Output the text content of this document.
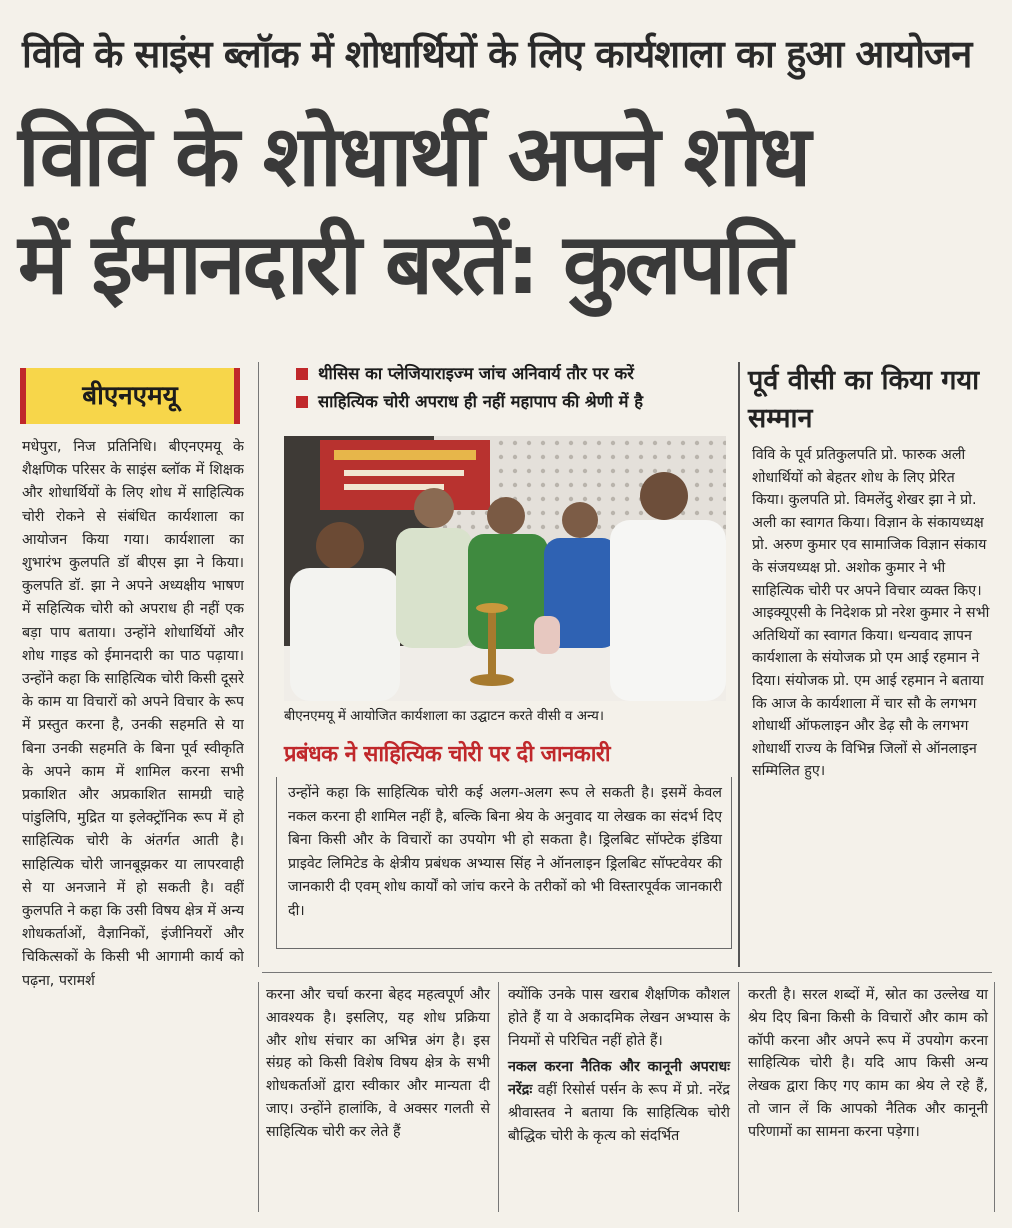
विवि के साइंस ब्लॉक में शोधार्थियों के लिए कार्यशाला का हुआ आयोजन
विवि के शोधार्थी अपने शोध
में ईमानदारी बरतें: कुलपति
बीएनएमयू

मधेपुरा, निज प्रतिनिधि। बीएनएमयू के शैक्षणिक परिसर के साइंस ब्लॉक में शिक्षक और शोधार्थियों के लिए शोध में साहित्यिक चोरी रोकने से संबंधित कार्यशाला का आयोजन किया गया। कार्यशाला का शुभारंभ कुलपति डॉ बीएस झा ने किया। कुलपति डॉ. झा ने अपने अध्यक्षीय भाषण में सहित्यिक चोरी को अपराध ही नहीं एक बड़ा पाप बताया। उन्होंने शोधार्थियों और शोध गाइड को ईमानदारी का पाठ पढ़ाया। उन्होंने कहा कि साहित्यिक चोरी किसी दूसरे के काम या विचारों को अपने विचार के रूप में प्रस्तुत करना है, उनकी सहमति से या बिना उनकी सहमति के बिना पूर्व स्वीकृति के अपने काम में शामिल करना सभी प्रकाशित और अप्रकाशित सामग्री चाहे पांडुलिपि, मुद्रित या इलेक्ट्रॉनिक रूप में हो साहित्यिक चोरी के अंतर्गत आती है। साहित्यिक चोरी जानबूझकर या लापरवाही से या अनजाने में हो सकती है। वहीं कुलपति ने कहा कि उसी विषय क्षेत्र में अन्य शोधकर्ताओं, वैज्ञानिकों, इंजीनियरों और चिकित्सकों के किसी भी आगामी कार्य को पढ़ना, परामर्श

थीसिस का प्लेजियाराइज्म जांच अनिवार्य तौर पर करें
साहित्यिक चोरी अपराध ही नहीं महापाप की श्रेणी में है
बीएनएमयू में आयोजित कार्यशाला का उद्घाटन करते वीसी व अन्य।
प्रबंधक ने साहित्यिक चोरी पर दी जानकारी

उन्होंने कहा कि साहित्यिक चोरी कई अलग-अलग रूप ले सकती है। इसमें केवल नकल करना ही शामिल नहीं है, बल्कि बिना श्रेय के अनुवाद या लेखक का संदर्भ दिए बिना किसी और के विचारों का उपयोग भी हो सकता है। ड्रिलबिट सॉफ्टेक इंडिया प्राइवेट लिमिटेड के क्षेत्रीय प्रबंधक अभ्यास सिंह ने ऑनलाइन ड्रिलबिट सॉफ्टवेयर की जानकारी दी एवम् शोध कार्यों को जांच करने के तरीकों को भी विस्तारपूर्वक जानकारी दी।

पूर्व वीसी का किया गया सम्मान

विवि के पूर्व प्रतिकुलपति प्रो. फारुक अली शोधार्थियों को बेहतर शोध के लिए प्रेरित किया। कुलपति प्रो. विमलेंदु शेखर झा ने प्रो. अली का स्वागत किया। विज्ञान के संकायध्यक्ष प्रो. अरुण कुमार एव सामाजिक विज्ञान संकाय के संजयध्यक्ष प्रो. अशोक कुमार ने भी साहित्यिक चोरी पर अपने विचार व्यक्त किए। आइक्यूएसी के निदेशक प्रो नरेश कुमार ने सभी अतिथियों का स्वागत किया। धन्यवाद ज्ञापन कार्यशाला के संयोजक प्रो एम आई रहमान ने दिया। संयोजक प्रो. एम आई रहमान ने बताया कि आज के कार्यशाला में चार सौ के लगभग शोधार्थी ऑफलाइन और डेढ़ सौ के लगभग शोधार्थी राज्य के विभिन्न जिलों से ऑनलाइन सम्मिलित हुए।

करना और चर्चा करना बेहद महत्वपूर्ण और आवश्यक है। इसलिए, यह शोध प्रक्रिया और शोध संचार का अभिन्न अंग है। इस संग्रह को किसी विशेष विषय क्षेत्र के सभी शोधकर्ताओं द्वारा स्वीकार और मान्यता दी जाए। उन्होंने हालांकि, वे अक्सर गलती से साहित्यिक चोरी कर लेते हैं

क्योंकि उनके पास खराब शैक्षणिक कौशल होते हैं या वे अकादमिक लेखन अभ्यास के नियमों से परिचित नहीं होते हैं।

नकल करना नैतिक और कानूनी अपराधः नरेंद्रः वहीं रिसोर्स पर्सन के रूप में प्रो. नरेंद्र श्रीवास्तव ने बताया कि साहित्यिक चोरी बौद्धिक चोरी के कृत्य को संदर्भित

करती है। सरल शब्दों में, स्रोत का उल्लेख या श्रेय दिए बिना किसी के विचारों और काम को कॉपी करना और अपने रूप में उपयोग करना साहित्यिक चोरी है। यदि आप किसी अन्य लेखक द्वारा किए गए काम का श्रेय ले रहे हैं, तो जान लें कि आपको नैतिक और कानूनी परिणामों का सामना करना पड़ेगा।
